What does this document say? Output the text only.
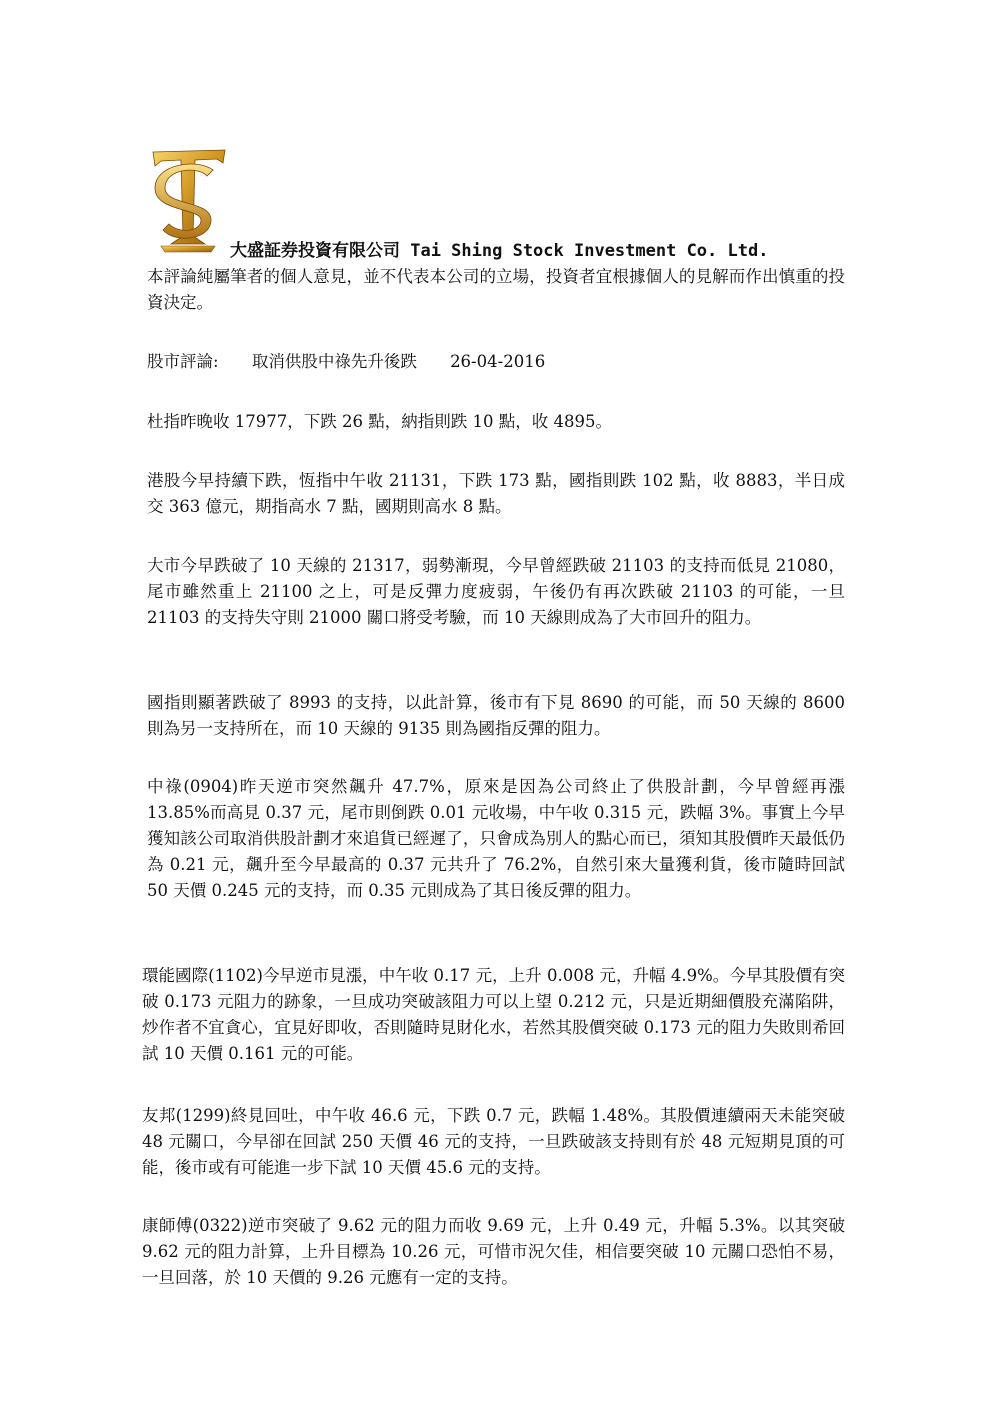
大盛証券投資有限公司 Tai Shing Stock Investment Co. Ltd.
本評論純屬筆者的個人意見，並不代表本公司的立場，投資者宜根據個人的見解而作出慎重的投資決定。
股市評論: 取消供股中祿先升後跌 26-04-2016
杜指昨晚收 17977，下跌 26 點，納指則跌 10 點，收 4895。
港股今早持續下跌，恆指中午收 21131，下跌 173 點，國指則跌 102 點，收 8883，半日成交 363 億元，期指高水 7 點，國期則高水 8 點。
大市今早跌破了 10 天線的 21317，弱勢漸現，今早曾經跌破 21103 的支持而低見 21080，尾市雖然重上 21100 之上，可是反彈力度疲弱，午後仍有再次跌破 21103 的可能，一旦 21103 的支持失守則 21000 關口將受考驗，而 10 天線則成為了大市回升的阻力。
國指則顯著跌破了 8993 的支持，以此計算，後市有下見 8690 的可能，而 50 天線的 8600 則為另一支持所在，而 10 天線的 9135 則為國指反彈的阻力。
中祿(0904)昨天逆市突然飆升 47.7%，原來是因為公司終止了供股計劃，今早曾經再漲 13.85%而高見 0.37 元，尾市則倒跌 0.01 元收場，中午收 0.315 元，跌幅 3%。事實上今早獲知該公司取消供股計劃才來追貨已經遲了，只會成為別人的點心而已，須知其股價昨天最低仍為 0.21 元，飆升至今早最高的 0.37 元共升了 76.2%，自然引來大量獲利貨，後市隨時回試 50 天價 0.245 元的支持，而 0.35 元則成為了其日後反彈的阻力。
環能國際(1102)今早逆市見漲，中午收 0.17 元，上升 0.008 元，升幅 4.9%。今早其股價有突破 0.173 元阻力的跡象，一旦成功突破該阻力可以上望 0.212 元，只是近期細價股充滿陷阱，炒作者不宜貪心，宜見好即收，否則隨時見財化水，若然其股價突破 0.173 元的阻力失敗則希回試 10 天價 0.161 元的可能。
友邦(1299)終見回吐，中午收 46.6 元，下跌 0.7 元，跌幅 1.48%。其股價連續兩天未能突破 48 元關口，今早卻在回試 250 天價 46 元的支持，一旦跌破該支持則有於 48 元短期見頂的可能，後市或有可能進一步下試 10 天價 45.6 元的支持。
康師傅(0322)逆市突破了 9.62 元的阻力而收 9.69 元，上升 0.49 元，升幅 5.3%。以其突破 9.62 元的阻力計算，上升目標為 10.26 元，可惜市況欠佳，相信要突破 10 元關口恐怕不易，一旦回落，於 10 天價的 9.26 元應有一定的支持。
